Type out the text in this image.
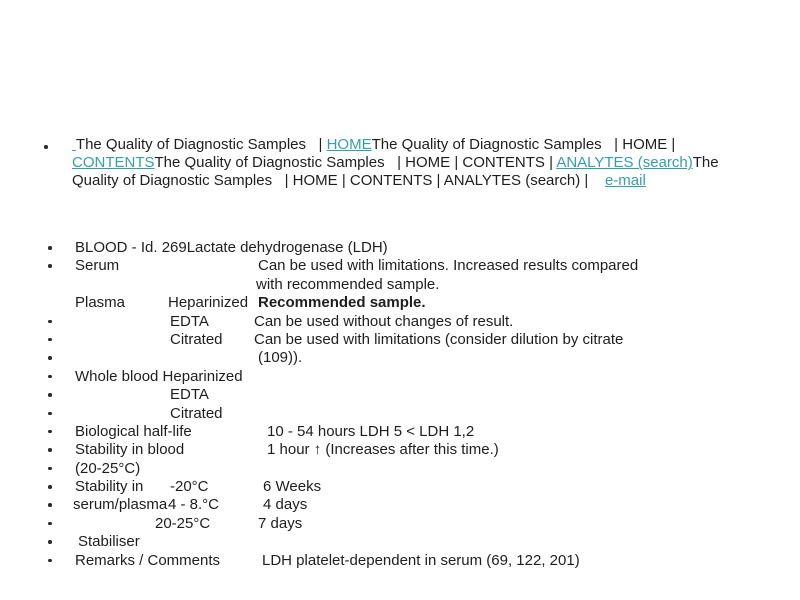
The Quality of Diagnostic Samples   | HOMEThe Quality of Diagnostic Samples   | HOME |
CONTENTSThe Quality of Diagnostic Samples   | HOME | CONTENTS | ANALYTES (search)The
Quality of Diagnostic Samples   | HOME | CONTENTS | ANALYTES (search) |    e-mail
BLOOD - Id. 269Lactate dehydrogenase (LDH)
Serum	Can be used with limitations. Increased results compared
with recommended sample.
Plasma	Heparinized Recommended sample.
EDTA	Can be used without changes of result.
Citrated Can be used with limitations (consider dilution by citrate
(109)).
Whole blood Heparinized
EDTA
Citrated
Biological half-life	10 - 54 hours LDH 5 < LDH 1,2
Stability in blood	1 hour ↑ (Increases after this time.)
(20-25°C)
Stability in -20°C	6 Weeks
serum/plasma 4 - 8.°C	4 days
20-25°C	7 days
Stabiliser
Remarks / Comments	LDH platelet-dependent in serum (69, 122, 201)
